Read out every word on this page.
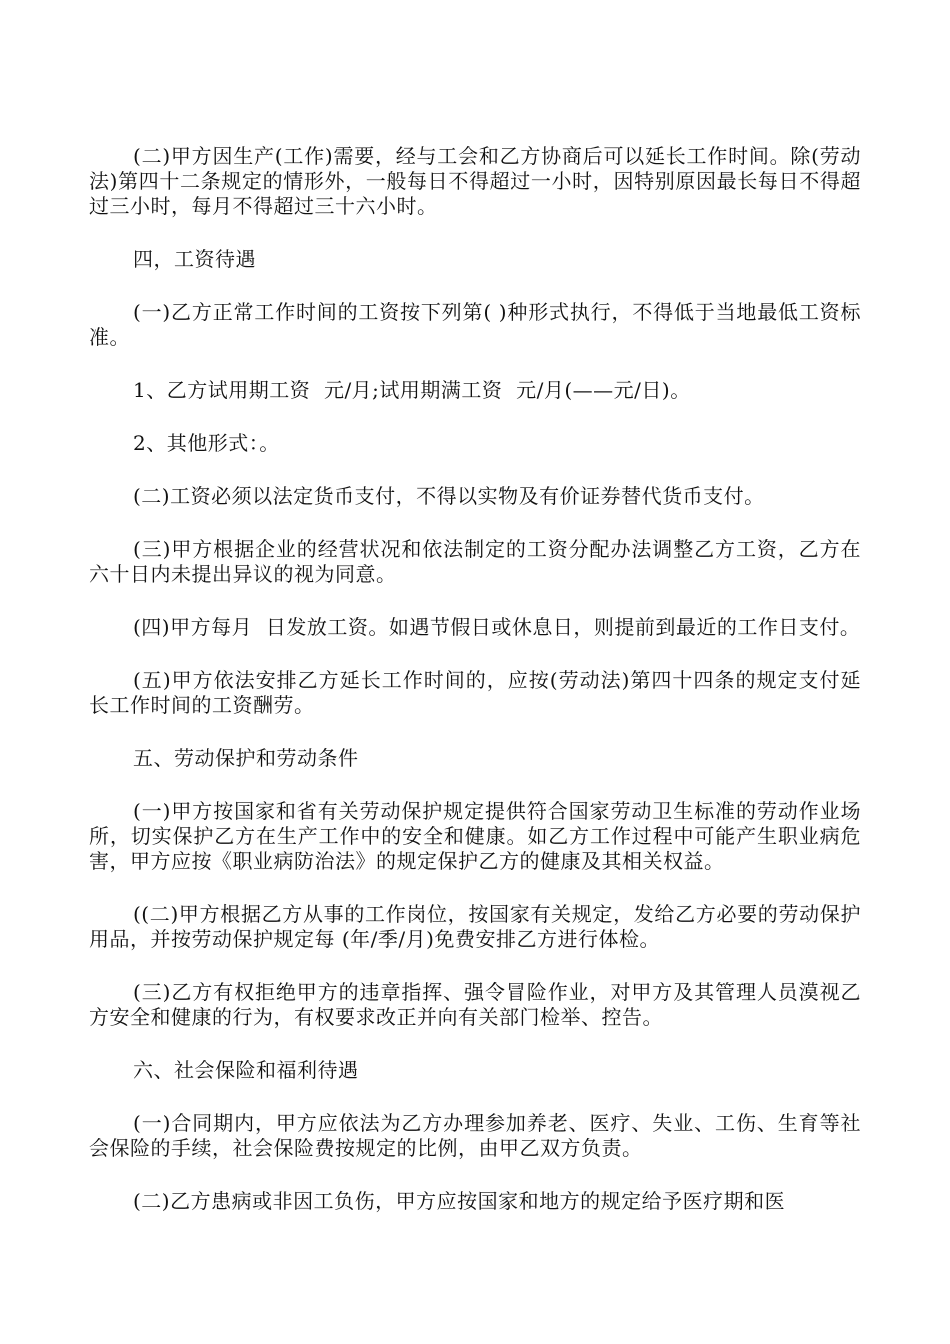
(二)甲方因生产(工作)需要，经与工会和乙方协商后可以延长工作时间。除(劳动法)第四十二条规定的情形外，一般每日不得超过一小时，因特别原因最长每日不得超过三小时，每月不得超过三十六小时。

四，工资待遇

(一)乙方正常工作时间的工资按下列第( )种形式执行，不得低于当地最低工资标准。

1、乙方试用期工资  元/月;试用期满工资  元/月(——元/日)。

2、其他形式：。

(二)工资必须以法定货币支付，不得以实物及有价证券替代货币支付。

(三)甲方根据企业的经营状况和依法制定的工资分配办法调整乙方工资，乙方在六十日内未提出异议的视为同意。

(四)甲方每月  日发放工资。如遇节假日或休息日，则提前到最近的工作日支付。

(五)甲方依法安排乙方延长工作时间的，应按(劳动法)第四十四条的规定支付延长工作时间的工资酬劳。

五、劳动保护和劳动条件

(一)甲方按国家和省有关劳动保护规定提供符合国家劳动卫生标准的劳动作业场所，切实保护乙方在生产工作中的安全和健康。如乙方工作过程中可能产生职业病危害，甲方应按《职业病防治法》的规定保护乙方的健康及其相关权益。

((二)甲方根据乙方从事的工作岗位，按国家有关规定，发给乙方必要的劳动保护用品，并按劳动保护规定每 (年/季/月)免费安排乙方进行体检。

(三)乙方有权拒绝甲方的违章指挥、强令冒险作业，对甲方及其管理人员漠视乙方安全和健康的行为，有权要求改正并向有关部门检举、控告。

六、社会保险和福利待遇

(一)合同期内，甲方应依法为乙方办理参加养老、医疗、失业、工伤、生育等社会保险的手续，社会保险费按规定的比例，由甲乙双方负责。

(二)乙方患病或非因工负伤，甲方应按国家和地方的规定给予医疗期和医
